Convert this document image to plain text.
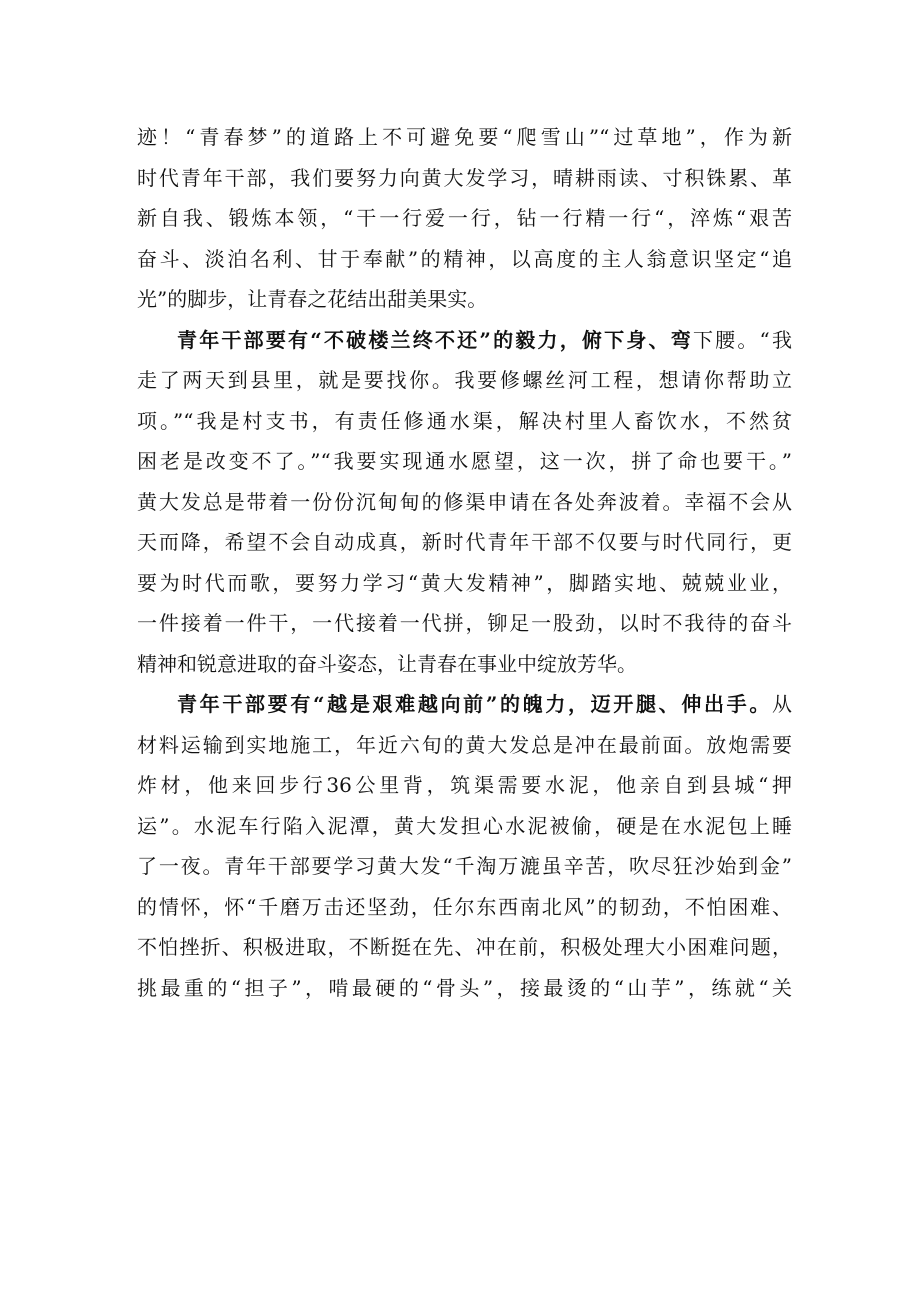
迹！“青春梦”的道路上不可避免要“爬雪山”“过草地”，作为新
时代青年干部，我们要努力向黄大发学习，晴耕雨读、寸积铢累、革
新自我、锻炼本领，“干一行爱一行，钻一行精一行“，淬炼“艰苦
奋斗、淡泊名利、甘于奉献”的精神，以高度的主人翁意识坚定“追
光”的脚步，让青春之花结出甜美果实。
青年干部要有“不破楼兰终不还”的毅力，俯下身、弯下腰。“我
走了两天到县里，就是要找你。我要修螺丝河工程，想请你帮助立
项。”“我是村支书，有责任修通水渠，解决村里人畜饮水，不然贫
困老是改变不了。”“我要实现通水愿望，这一次，拼了命也要干。”
黄大发总是带着一份份沉甸甸的修渠申请在各处奔波着。幸福不会从
天而降，希望不会自动成真，新时代青年干部不仅要与时代同行，更
要为时代而歌，要努力学习“黄大发精神”，脚踏实地、兢兢业业，
一件接着一件干，一代接着一代拼，铆足一股劲，以时不我待的奋斗
精神和锐意进取的奋斗姿态，让青春在事业中绽放芳华。
青年干部要有“越是艰难越向前”的魄力，迈开腿、伸出手。从
材料运输到实地施工，年近六旬的黄大发总是冲在最前面。放炮需要
炸材，他来回步行36公里背，筑渠需要水泥，他亲自到县城“押
运”。水泥车行陷入泥潭，黄大发担心水泥被偷，硬是在水泥包上睡
了一夜。青年干部要学习黄大发“千淘万漉虽辛苦，吹尽狂沙始到金”
的情怀，怀“千磨万击还坚劲，任尔东西南北风”的韧劲，不怕困难、
不怕挫折、积极进取，不断挺在先、冲在前，积极处理大小困难问题，
挑最重的“担子”，啃最硬的“骨头”，接最烫的“山芋”，练就“关
